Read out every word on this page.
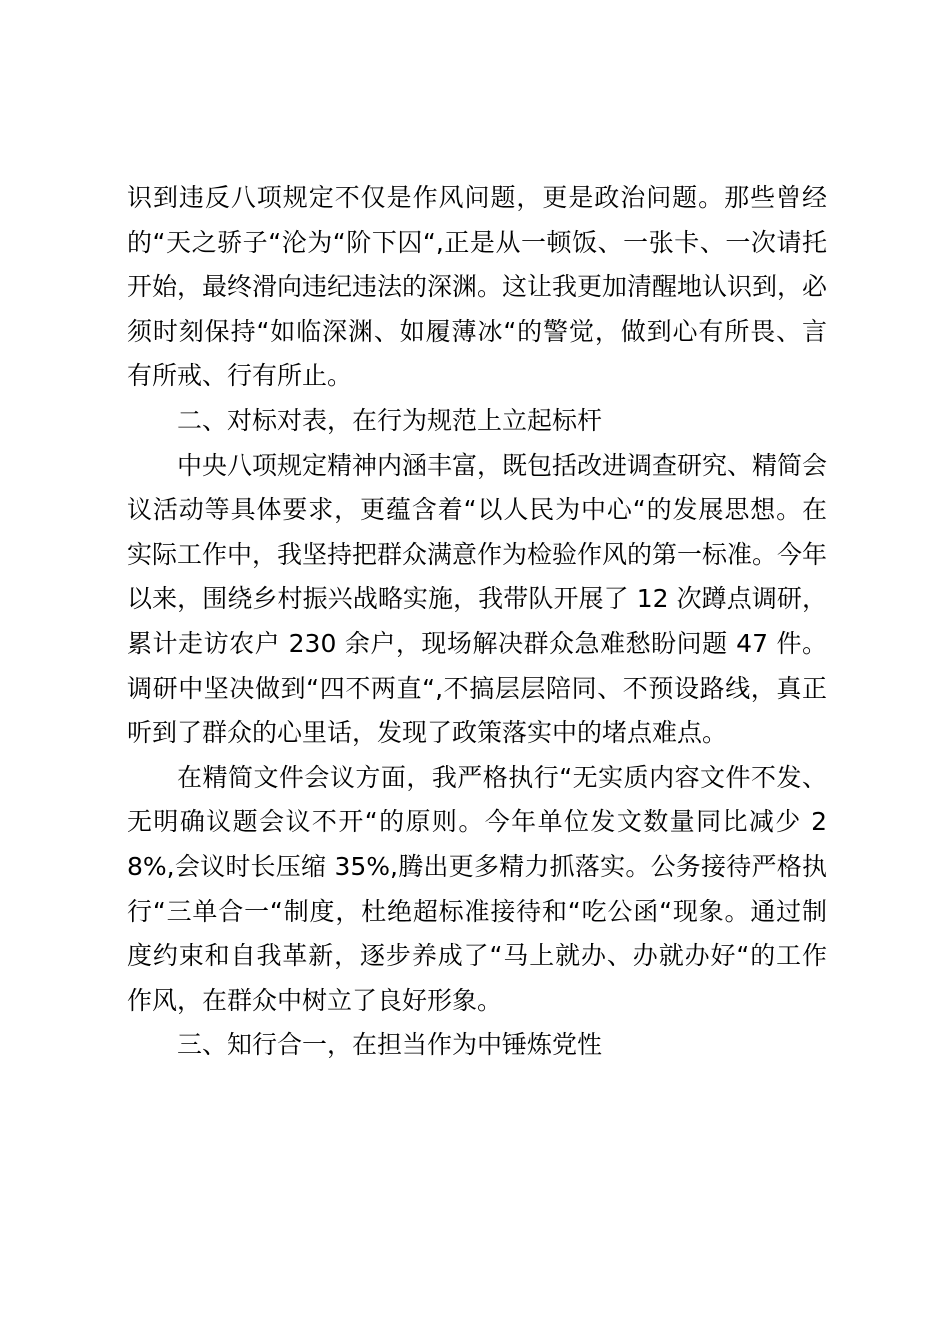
识到违反八项规定不仅是作风问题，更是政治问题。那些曾经的“天之骄子“沦为“阶下囚“,正是从一顿饭、一张卡、一次请托开始，最终滑向违纪违法的深渊。这让我更加清醒地认识到，必须时刻保持“如临深渊、如履薄冰“的警觉，做到心有所畏、言有所戒、行有所止。

二、对标对表，在行为规范上立起标杆

中央八项规定精神内涵丰富，既包括改进调查研究、精简会议活动等具体要求，更蕴含着“以人民为中心“的发展思想。在实际工作中，我坚持把群众满意作为检验作风的第一标准。今年以来，围绕乡村振兴战略实施，我带队开展了 12 次蹲点调研，累计走访农户 230 余户，现场解决群众急难愁盼问题 47 件。调研中坚决做到“四不两直“,不搞层层陪同、不预设路线，真正听到了群众的心里话，发现了政策落实中的堵点难点。

在精简文件会议方面，我严格执行“无实质内容文件不发、无明确议题会议不开“的原则。今年单位发文数量同比减少 28%,会议时长压缩 35%,腾出更多精力抓落实。公务接待严格执行“三单合一“制度，杜绝超标准接待和“吃公函“现象。通过制度约束和自我革新，逐步养成了“马上就办、办就办好“的工作作风，在群众中树立了良好形象。

三、知行合一，在担当作为中锤炼党性
